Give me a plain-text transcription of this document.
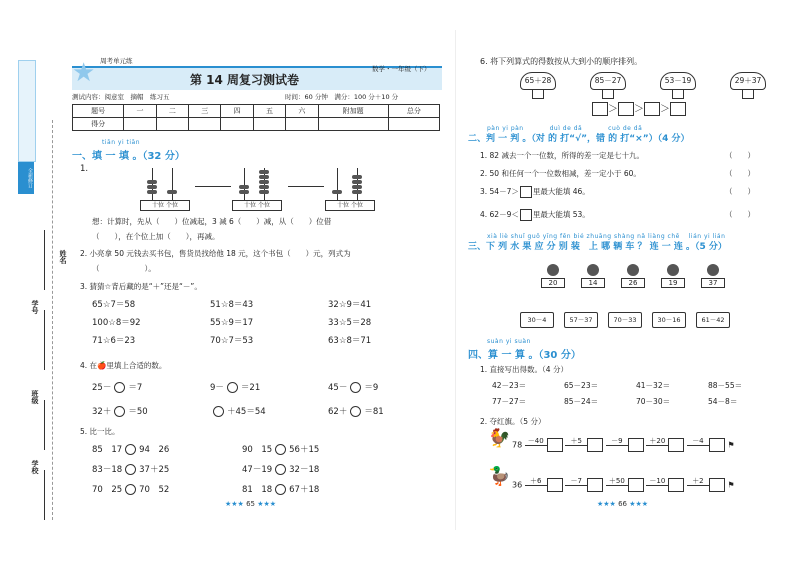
全新修订
姓名
学号
班级
学校
周考单元练
★	第 14 周复习测试卷
数学・一年级（下）
测试内容：阅意室　摘帽　练习五	时间：60 分钟　满分：100 分＋10 分
题号	一	二	三	四	五	六	附加题	总分
得分								
tiān yi tiān
一、填 一 填 。（32 分）
1.
十位 个位	十位 个位	十位 个位
想：计算时，先从（　　）位减起，3 减 6（　　）减，从（　　）位借
（　　），在个位上加（　　），再减。
2. 小亮拿 50 元钱去买书包，售货员找给他 18 元，这个书包（　　）元，列式为
（　　　　　　）。
3. 猜猜☆背后藏的是“＋”还是“－”。
65☆7＝58	51☆8＝43	32☆9＝41
100☆8＝92	55☆9＝17	33☆5＝28
71☆6＝23	70☆7＝53	63☆8＝71
4. 在🍎里填上合适的数。
25－ ＝7	9－ ＝21	45－ ＝9
32＋ ＝50	＋45＝54	62＋ ＝81
5. 比一比。
85　17 94　26	90　15 56＋15
83－18 37＋25	47－19 32－18
70　25 70　52	81　18 67＋18
★★★ 65 ★★★
6. 将下列算式的得数按从大到小的顺序排列。
65＋28	85－27	53－19	29＋37
＞ ＞ ＞
pàn yi pàn　　　　duì de dǎ　　　　cuò de dǎ
二、判 一 判 。（对 的 打“√”，错 的 打“×”）（4 分）
1. 82 减去一个一位数，所得的差一定是七十九。	（　　）
2. 50 和任何一个一位数相减，差一定小于 60。	（　　）
3. 54－7＞ 里最大能填 46。	（　　）
4. 62－9＜ 里最大能填 53。	（　　）
xià liè shuǐ guǒ yīng fēn bié zhuāng shàng nǎ liàng chē　 lián yi lián
三、下 列 水 果 应 分 别 装　上 哪 辆 车 ？ 连 一 连 。（5 分）
20	14	26	19	37
30－4	57－37	70－33	30－16	61－42
suàn yi suàn
四、算 一 算 。（30 分）
1. 直接写出得数。（4 分）
42－23＝	65－23＝	41－32＝	88－55＝
77－27＝	85－24＝	70－30＝	54－8＝
2. 夺红旗。（5 分）
🐓 78 －40
	＋5
	－9
	＋20
	－4	⚑
🦆 36	＋6
	－7
	＋50
	－10
	＋2	⚑
★★★ 66 ★★★
